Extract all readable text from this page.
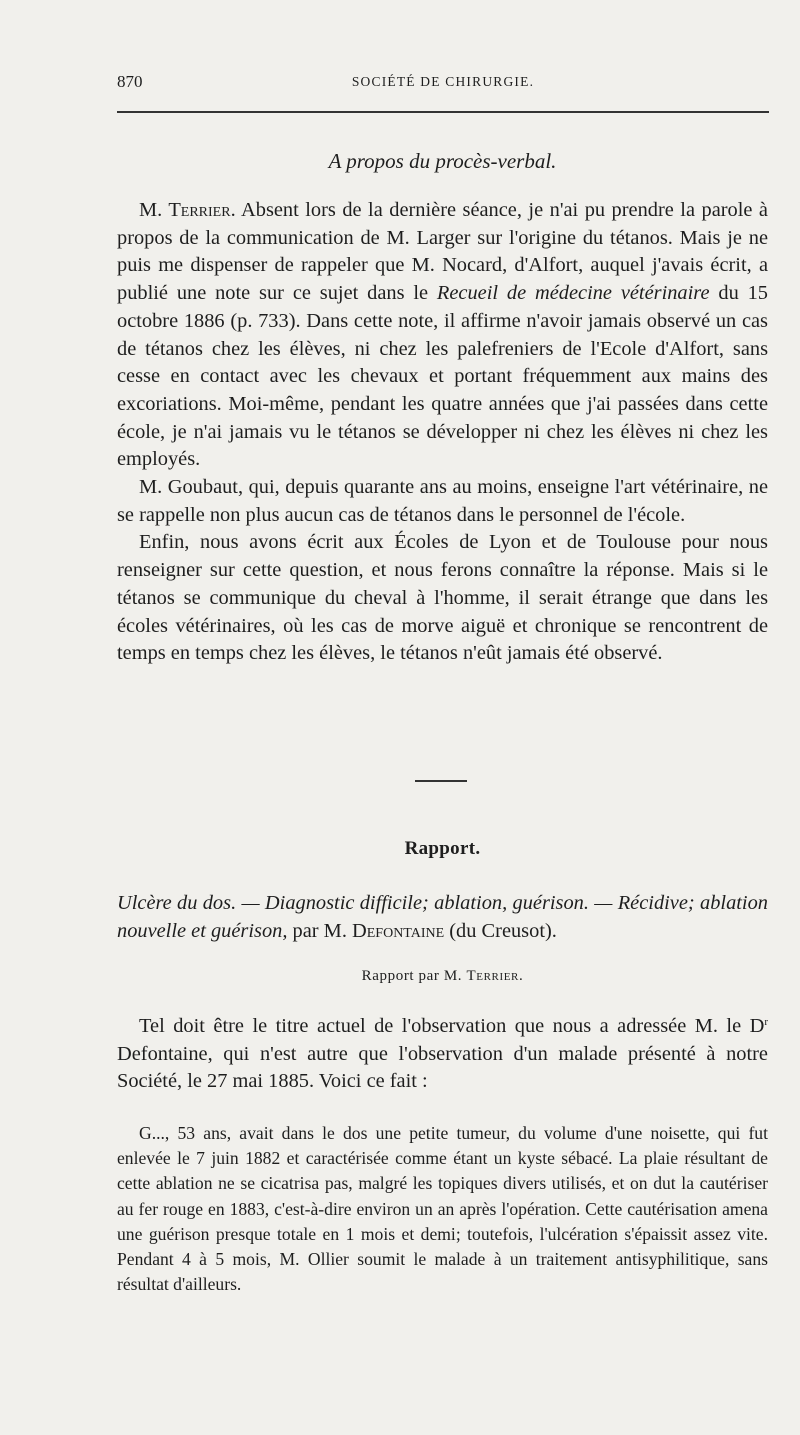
870	SOCIÉTÉ DE CHIRURGIE.
A propos du procès-verbal.

M. Terrier. Absent lors de la dernière séance, je n'ai pu prendre la parole à propos de la communication de M. Larger sur l'origine du tétanos. Mais je ne puis me dispenser de rappeler que M. Nocard, d'Alfort, auquel j'avais écrit, a publié une note sur ce sujet dans le Recueil de médecine vétérinaire du 15 octobre 1886 (p. 733). Dans cette note, il affirme n'avoir jamais observé un cas de tétanos chez les élèves, ni chez les palefreniers de l'Ecole d'Alfort, sans cesse en contact avec les chevaux et portant fréquemment aux mains des excoriations. Moi-même, pendant les quatre années que j'ai passées dans cette école, je n'ai jamais vu le tétanos se développer ni chez les élèves ni chez les employés.

M. Goubaut, qui, depuis quarante ans au moins, enseigne l'art vétérinaire, ne se rappelle non plus aucun cas de tétanos dans le personnel de l'école.

Enfin, nous avons écrit aux Écoles de Lyon et de Toulouse pour nous renseigner sur cette question, et nous ferons connaître la réponse. Mais si le tétanos se communique du cheval à l'homme, il serait étrange que dans les écoles vétérinaires, où les cas de morve aiguë et chronique se rencontrent de temps en temps chez les élèves, le tétanos n'eût jamais été observé.

Rapport.
Ulcère du dos. — Diagnostic difficile; ablation, guérison. — Récidive; ablation nouvelle et guérison, par M. Defontaine (du Creusot).
Rapport par M. Terrier.

Tel doit être le titre actuel de l'observation que nous a adressée M. le $D^r$ Defontaine, qui n'est autre que l'observation d'un malade présenté à notre Société, le 27 mai 1885. Voici ce fait :

G..., 53 ans, avait dans le dos une petite tumeur, du volume d'une noisette, qui fut enlevée le 7 juin 1882 et caractérisée comme étant un kyste sébacé. La plaie résultant de cette ablation ne se cicatrisa pas, malgré les topiques divers utilisés, et on dut la cautériser au fer rouge en 1883, c'est-à-dire environ un an après l'opération. Cette cautérisation amena une guérison presque totale en 1 mois et demi; toutefois, l'ulcération s'épaissit assez vite. Pendant 4 à 5 mois, M. Ollier soumit le malade à un traitement antisyphilitique, sans résultat d'ailleurs.
